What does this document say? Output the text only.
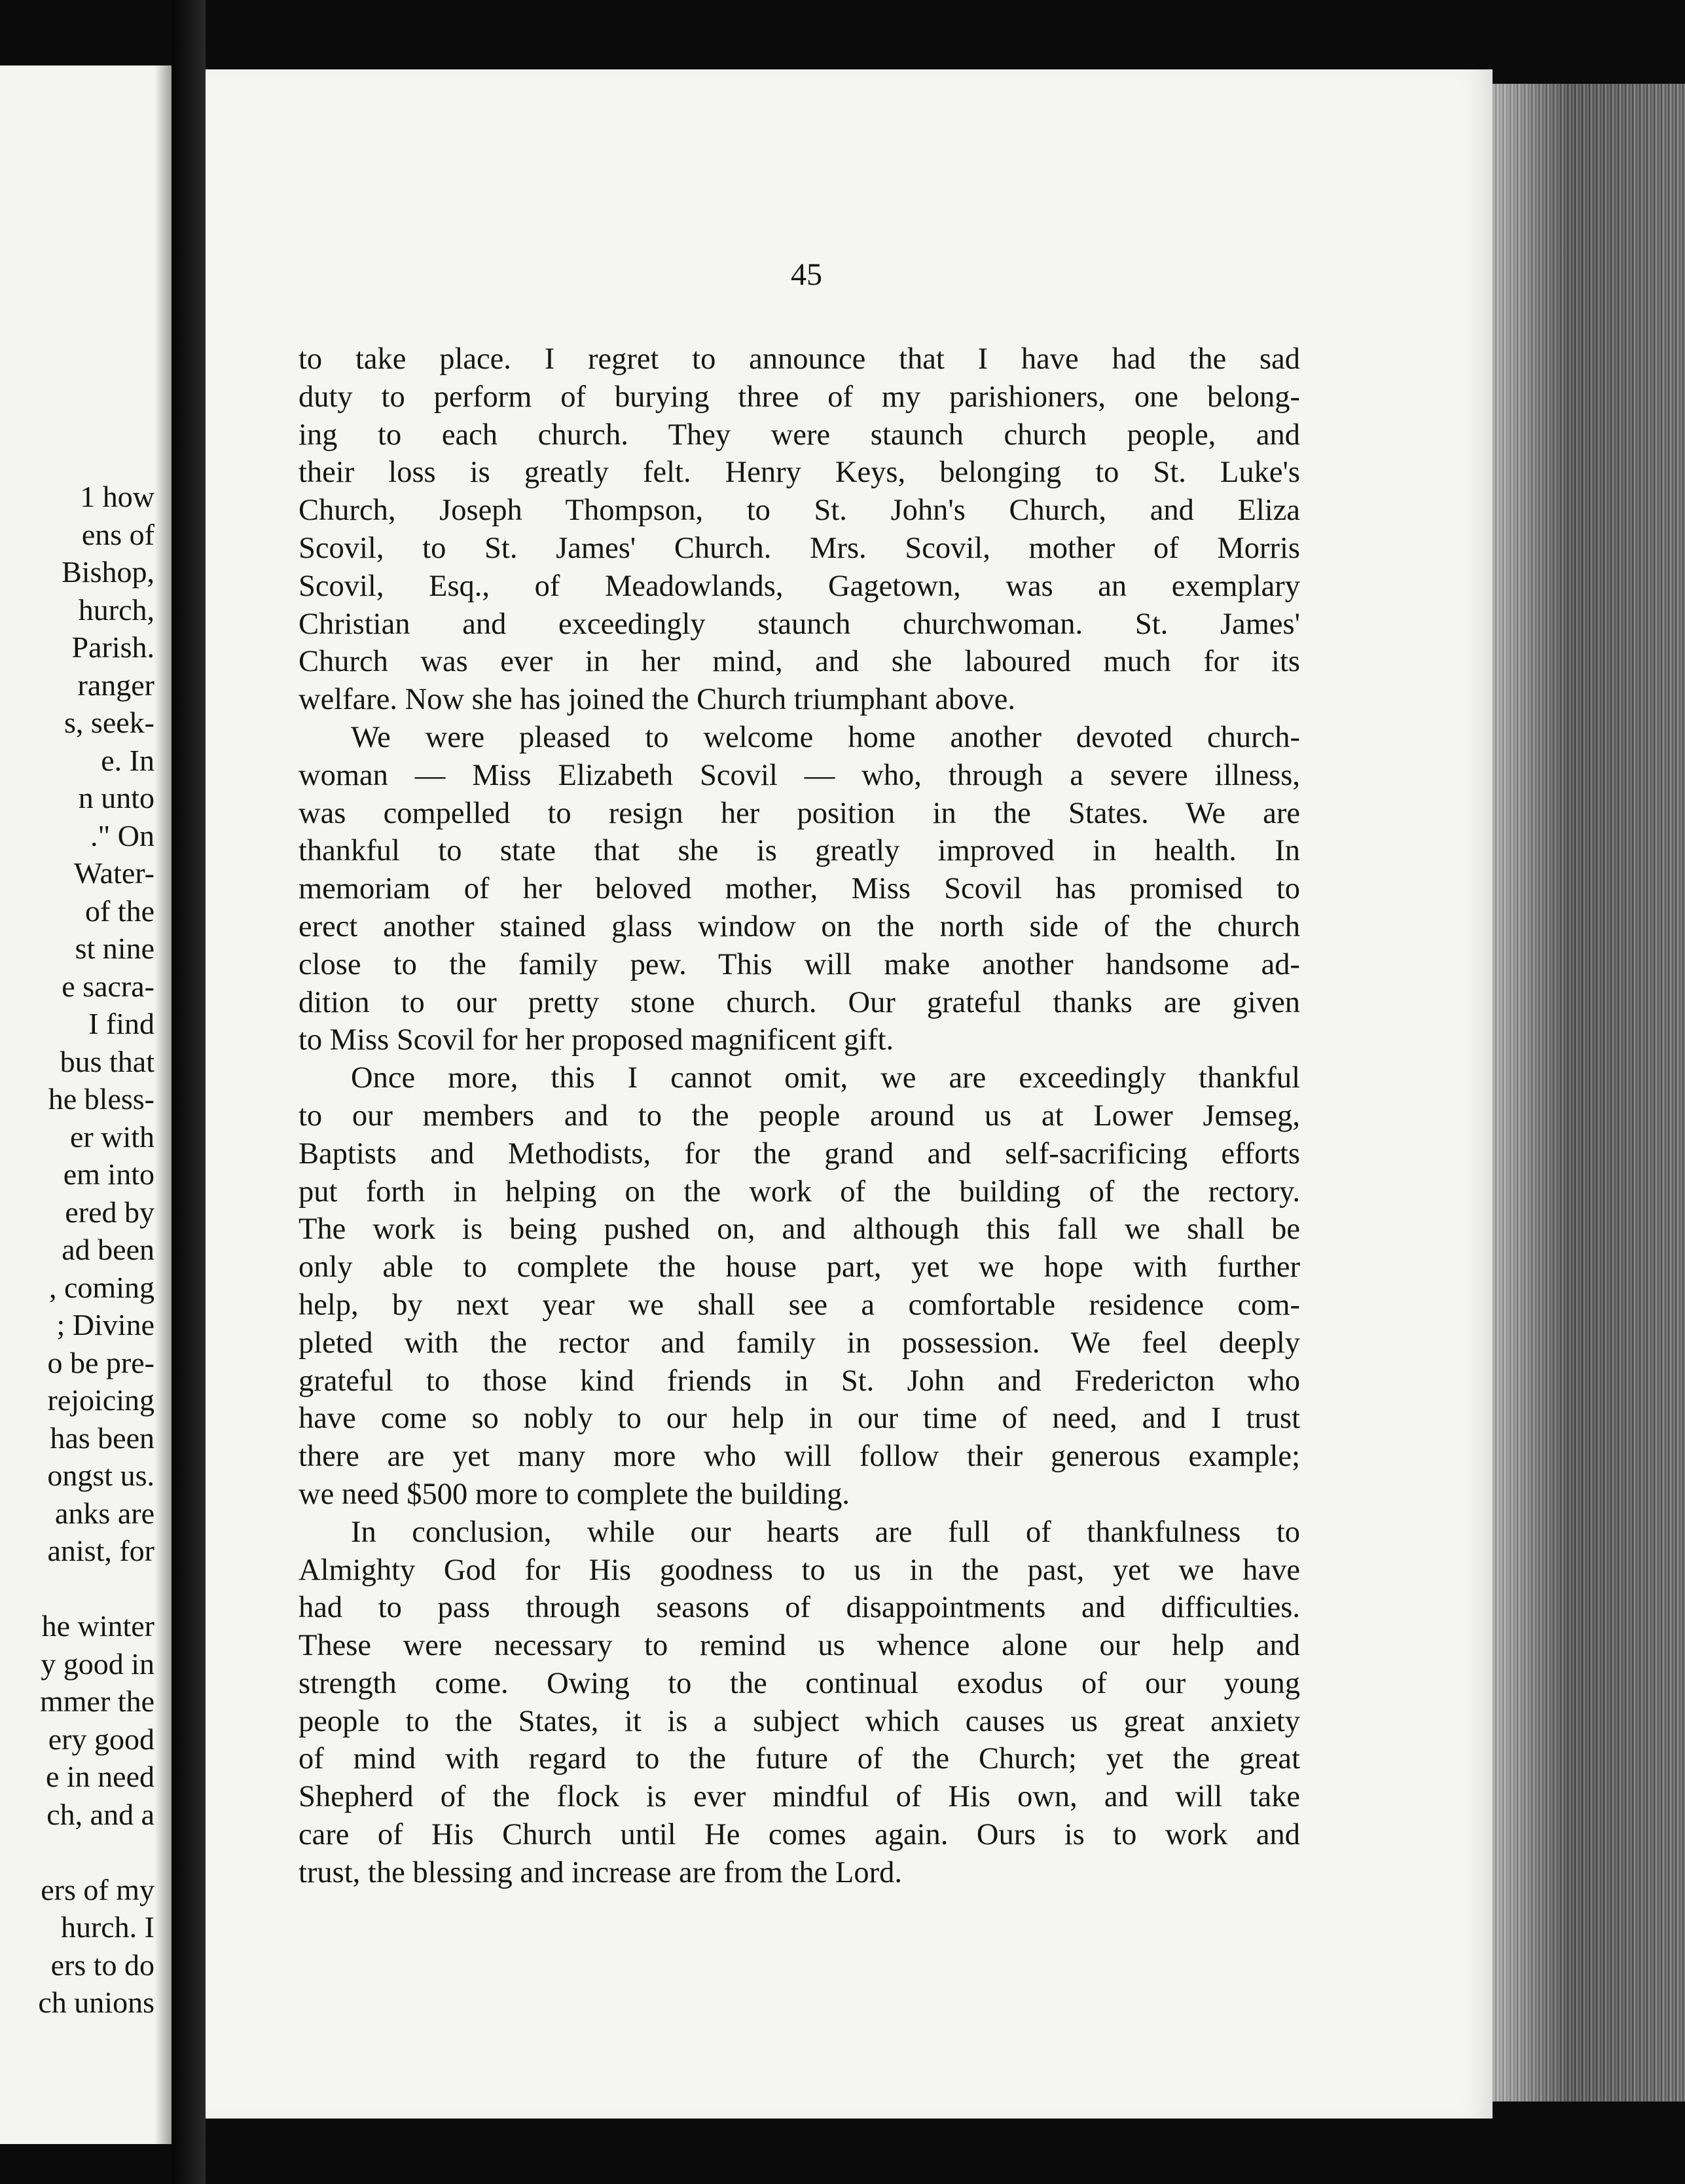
1 how
ens of
Bishop,
hurch,
Parish.
ranger
s, seek-
e. In
n unto
." On
Water-
of the
st nine
e sacra-
I find
bus that
he bless-
er with
em into
ered by
ad been
, coming
; Divine
o be pre-
rejoicing
has been
ongst us.
anks are
anist, for
he winter
y good in
mmer the
ery good
e in need
ch, and a
ers of my
hurch. I
ers to do
ch unions
45
to take place. I regret to announce that I have had the sad
duty to perform of burying three of my parishioners, one belong-
ing to each church. They were staunch church people, and
their loss is greatly felt. Henry Keys, belonging to St. Luke's
Church, Joseph Thompson, to St. John's Church, and Eliza
Scovil, to St. James' Church. Mrs. Scovil, mother of Morris
Scovil, Esq., of Meadowlands, Gagetown, was an exemplary
Christian and exceedingly staunch churchwoman. St. James'
Church was ever in her mind, and she laboured much for its
welfare. Now she has joined the Church triumphant above.
We were pleased to welcome home another devoted church-
woman — Miss Elizabeth Scovil — who, through a severe illness,
was compelled to resign her position in the States. We are
thankful to state that she is greatly improved in health. In
memoriam of her beloved mother, Miss Scovil has promised to
erect another stained glass window on the north side of the church
close to the family pew. This will make another handsome ad-
dition to our pretty stone church. Our grateful thanks are given
to Miss Scovil for her proposed magnificent gift.
Once more, this I cannot omit, we are exceedingly thankful
to our members and to the people around us at Lower Jemseg,
Baptists and Methodists, for the grand and self-sacrificing efforts
put forth in helping on the work of the building of the rectory.
The work is being pushed on, and although this fall we shall be
only able to complete the house part, yet we hope with further
help, by next year we shall see a comfortable residence com-
pleted with the rector and family in possession. We feel deeply
grateful to those kind friends in St. John and Fredericton who
have come so nobly to our help in our time of need, and I trust
there are yet many more who will follow their generous example;
we need $500 more to complete the building.
In conclusion, while our hearts are full of thankfulness to
Almighty God for His goodness to us in the past, yet we have
had to pass through seasons of disappointments and difficulties.
These were necessary to remind us whence alone our help and
strength come. Owing to the continual exodus of our young
people to the States, it is a subject which causes us great anxiety
of mind with regard to the future of the Church; yet the great
Shepherd of the flock is ever mindful of His own, and will take
care of His Church until He comes again. Ours is to work and
trust, the blessing and increase are from the Lord.
